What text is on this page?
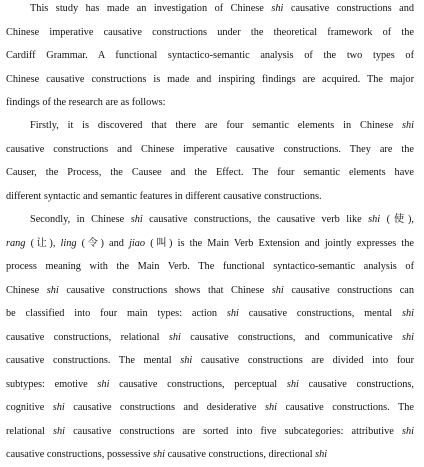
This study has made an investigation of Chinese shi causative constructions and
Chinese imperative causative constructions under the theoretical framework of the
Cardiff Grammar. A functional syntactico-semantic analysis of the two types of
Chinese causative constructions is made and inspiring findings are acquired. The major
findings of the research are as follows:
Firstly, it is discovered that there are four semantic elements in Chinese shi
causative constructions and Chinese imperative causative constructions. They are the
Causer, the Process, the Causee and the Effect. The four semantic elements have
different syntactic and semantic features in different causative constructions.
Secondly, in Chinese shi causative constructions, the causative verb like shi (使),
rang (让), ling (令) and jiao (叫) is the Main Verb Extension and jointly expresses the
process meaning with the Main Verb. The functional syntactico-semantic analysis of
Chinese shi causative constructions shows that Chinese shi causative constructions can
be classified into four main types: action shi causative constructions, mental shi
causative constructions, relational shi causative constructions, and communicative shi
causative constructions. The mental shi causative constructions are divided into four
subtypes: emotive shi causative constructions, perceptual shi causative constructions,
cognitive shi causative constructions and desiderative shi causative constructions. The
relational shi causative constructions are sorted into five subcategories: attributive shi
causative constructions, possessive shi causative constructions, directional shi
